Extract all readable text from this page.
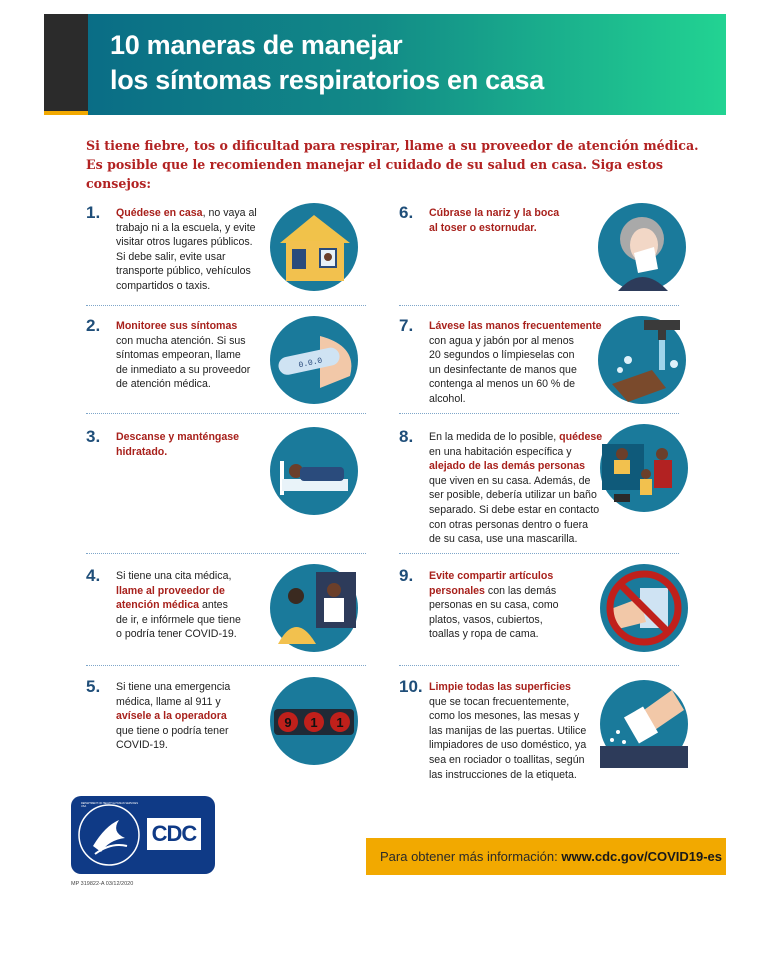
10 maneras de manejar
los síntomas respiratorios en casa
Si tiene fiebre, tos o dificultad para respirar, llame a su proveedor de atención médica.
Es posible que le recomienden manejar el cuidado de su salud en casa. Siga estos consejos:
1. Quédese en casa, no vaya al
trabajo ni a la escuela, y evite
visitar otros lugares públicos.
Si debe salir, evite usar
transporte público, vehículos
compartidos o taxis.
6. Cúbrase la nariz y la boca
al toser o estornudar.
2. Monitoree sus síntomas
con mucha atención. Si sus
síntomas empeoran, llame
de inmediato a su proveedor
de atención médica.
0.0.0
7. Lávese las manos frecuentemente
con agua y jabón por al menos
20 segundos o límpieselas con
un desinfectante de manos que
contenga al menos un 60 % de
alcohol.
3. Descanse y manténgase
hidratado.
8. En la medida de lo posible, quédese
en una habitación específica y
alejado de las demás personas
que viven en su casa. Además, de
ser posible, debería utilizar un baño
separado. Si debe estar en contacto
con otras personas dentro o fuera
de su casa, use una mascarilla.
4. Si tiene una cita médica,
llame al proveedor de
atención médica antes
de ir, e infórmele que tiene
o podría tener COVID-19.
9. Evite compartir artículos
personales con las demás
personas en su casa, como
platos, vasos, cubiertos,
toallas y ropa de cama.
5. Si tiene una emergencia
médica, llame al 911 y
avísele a la operadora
que tiene o podría tener
COVID-19.
9 1 1
10. Limpie todas las superficies
que se tocan frecuentemente,
como los mesones, las mesas y
las manijas de las puertas. Utilice
limpiadores de uso doméstico, ya
sea en rociador o toallitas, según
las instrucciones de la etiqueta.
CDC
DEPARTMENT OF HEALTH & HUMAN SERVICES USA
Para obtener más información: www.cdc.gov/COVID19-es
MP 319822-A 03/12/2020
